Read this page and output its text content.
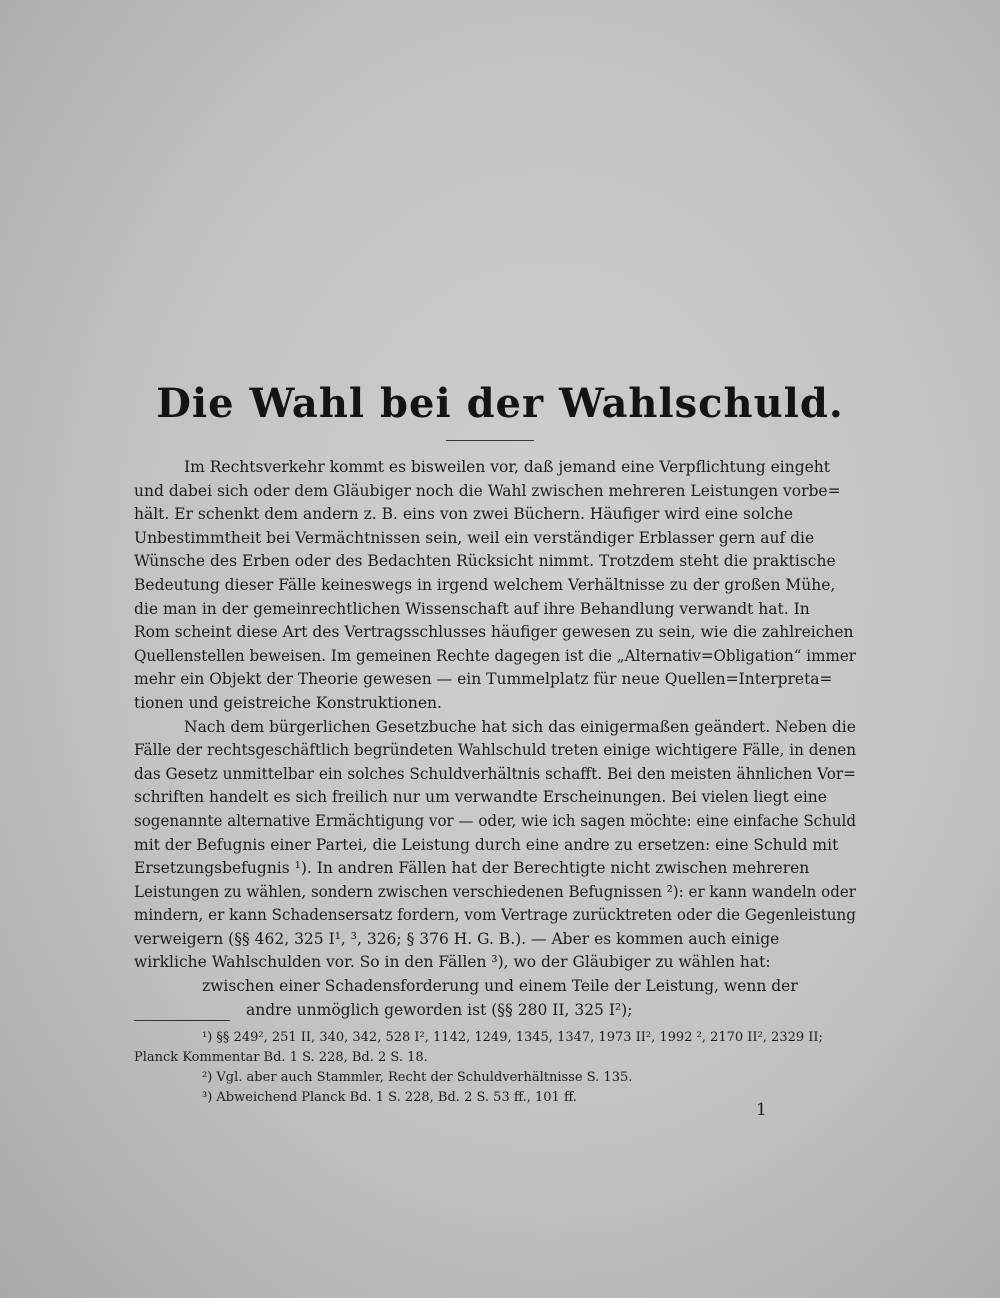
Die Wahl bei der Wahlschuld.
Im Rechtsverkehr kommt es bisweilen vor, daß jemand eine Verpflichtung eingeht
und dabei sich oder dem Gläubiger noch die Wahl zwischen mehreren Leistungen vorbe=
hält. Er schenkt dem andern z. B. eins von zwei Büchern. Häufiger wird eine solche
Unbestimmtheit bei Vermächtnissen sein, weil ein verständiger Erblasser gern auf die
Wünsche des Erben oder des Bedachten Rücksicht nimmt. Trotzdem steht die praktische
Bedeutung dieser Fälle keineswegs in irgend welchem Verhältnisse zu der großen Mühe,
die man in der gemeinrechtlichen Wissenschaft auf ihre Behandlung verwandt hat. In
Rom scheint diese Art des Vertragsschlusses häufiger gewesen zu sein, wie die zahlreichen
Quellenstellen beweisen. Im gemeinen Rechte dagegen ist die „Alternativ=Obligation“ immer
mehr ein Objekt der Theorie gewesen — ein Tummelplatz für neue Quellen=Interpreta=
tionen und geistreiche Konstruktionen.
Nach dem bürgerlichen Gesetzbuche hat sich das einigermaßen geändert. Neben die
Fälle der rechtsgeschäftlich begründeten Wahlschuld treten einige wichtigere Fälle, in denen
das Gesetz unmittelbar ein solches Schuldverhältnis schafft. Bei den meisten ähnlichen Vor=
schriften handelt es sich freilich nur um verwandte Erscheinungen. Bei vielen liegt eine
sogenannte alternative Ermächtigung vor — oder, wie ich sagen möchte: eine einfache Schuld
mit der Befugnis einer Partei, die Leistung durch eine andre zu ersetzen: eine Schuld mit
Ersetzungsbefugnis ¹). In andren Fällen hat der Berechtigte nicht zwischen mehreren
Leistungen zu wählen, sondern zwischen verschiedenen Befugnissen ²): er kann wandeln oder
mindern, er kann Schadensersatz fordern, vom Vertrage zurücktreten oder die Gegenleistung
verweigern (§§ 462, 325 I¹, ³, 326; § 376 H. G. B.). — Aber es kommen auch einige
wirkliche Wahlschulden vor. So in den Fällen ³), wo der Gläubiger zu wählen hat:
zwischen einer Schadensforderung und einem Teile der Leistung, wenn der
andre unmöglich geworden ist (§§ 280 II, 325 I²);
¹) §§ 249², 251 II, 340, 342, 528 I², 1142, 1249, 1345, 1347, 1973 II², 1992 ², 2170 II², 2329 II;
Planck Kommentar Bd. 1 S. 228, Bd. 2 S. 18.
²) Vgl. aber auch Stammler, Recht der Schuldverhältnisse S. 135.
³) Abweichend Planck Bd. 1 S. 228, Bd. 2 S. 53 ff., 101 ff.
1
